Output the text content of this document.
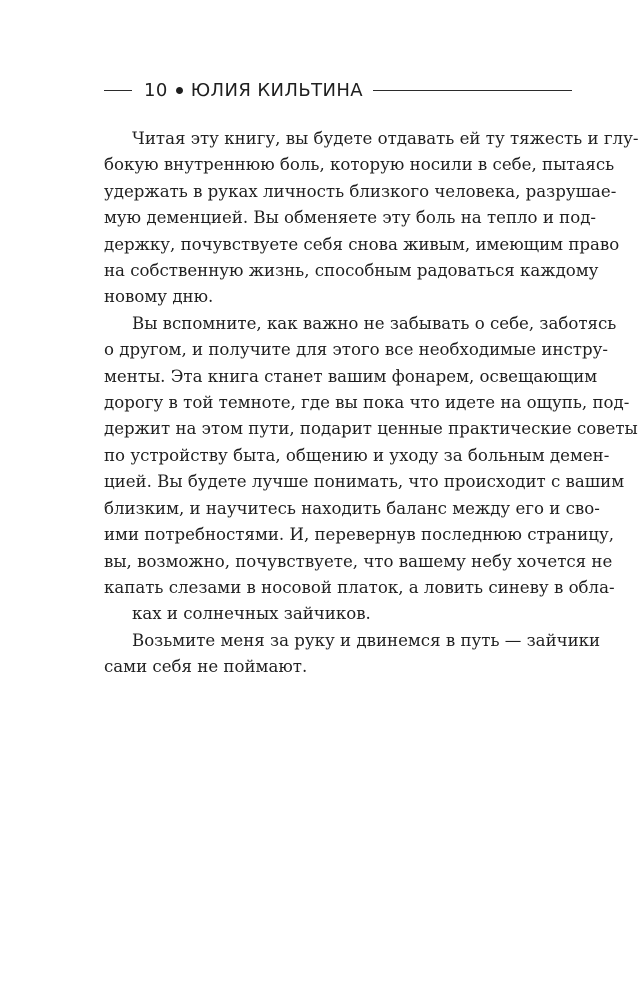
10 ЮЛИЯ КИЛЬТИНА
Читая эту книгу, вы будете отдавать ей ту тяжесть и глу-
бокую внутреннюю боль, которую носили в себе, пытаясь
удержать в руках личность близкого человека, разрушае-
мую деменцией. Вы обменяете эту боль на тепло и под-
держку, почувствуете себя снова живым, имеющим право
на собственную жизнь, способным радоваться каждому
новому дню.
Вы вспомните, как важно не забывать о себе, заботясь
о другом, и получите для этого все необходимые инстру-
менты. Эта книга станет вашим фонарем, освещающим
дорогу в той темноте, где вы пока что идете на ощупь, под-
держит на этом пути, подарит ценные практические советы
по устройству быта, общению и уходу за больным демен-
цией. Вы будете лучше понимать, что происходит с вашим
близким, и научитесь находить баланс между его и сво-
ими потребностями. И, перевернув последнюю страницу,
вы, возможно, почувствуете, что вашему небу хочется не
капать слезами в носовой платок, а ловить синеву в обла-
ках и солнечных зайчиков.
Возьмите меня за руку и двинемся в путь — зайчики
сами себя не поймают.
